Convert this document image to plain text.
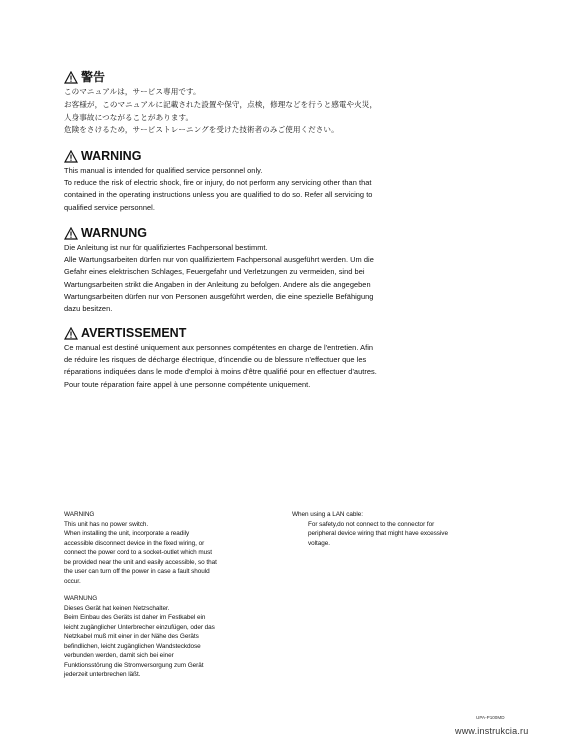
警告
このマニュアルは，サービス専用です。
お客様が，このマニュアルに記載された設置や保守，点検，修理などを行うと感電や火災，
人身事故につながることがあります。
危険をさけるため，サービストレーニングを受けた技術者のみご使用ください。
WARNING
This manual is intended for qualified service personnel only.
To reduce the risk of electric shock, fire or injury, do not perform any servicing other than that
contained in the operating instructions unless you are qualified to do so. Refer all servicing to
qualified service personnel.
WARNUNG
Die Anleitung ist nur für qualifiziertes Fachpersonal bestimmt.
Alle Wartungsarbeiten dürfen nur von qualifiziertem Fachpersonal ausgeführt werden. Um die
Gefahr eines elektrischen Schlages, Feuergefahr und Verletzungen zu vermeiden, sind bei
Wartungsarbeiten strikt die Angaben in der Anleitung zu befolgen. Andere als die angegeben
Wartungsarbeiten dürfen nur von Personen ausgeführt werden, die eine spezielle Befähigung
dazu besitzen.
AVERTISSEMENT
Ce manual est destiné uniquement aux personnes compétentes en charge de l'entretien. Afin
de réduire les risques de décharge électrique, d'incendie ou de blessure n'effectuer que les
réparations indiquées dans le mode d'emploi à moins d'être qualifié pour en effectuer d'autres.
Pour toute réparation faire appel à une personne compétente uniquement.
WARNING
This unit has no power switch.
When installing the unit, incorporate a readily
accessible disconnect device in the fixed wiring, or
connect the power cord to a socket-outlet which must
be provided near the unit and easily accessible, so that
the user can turn off the power in case a fault should
occur.
WARNUNG
Dieses Gerät hat keinen Netzschalter.
Beim Einbau des Geräts ist daher im Festkabel ein
leicht zugänglicher Unterbrecher einzufügen, oder das
Netzkabel muß mit einer in der Nähe des Geräts
befindlichen, leicht zugänglichen Wandsteckdose
verbunden werden, damit sich bei einer
Funktionsstörung die Stromversorgung zum Gerät
jederzeit unterbrechen läßt.
When using a LAN cable:
For safety,do not connect to the connector for
peripheral device wiring that might have excessive
voltage.
UPA-P100MD
www.instrukcia.ru
